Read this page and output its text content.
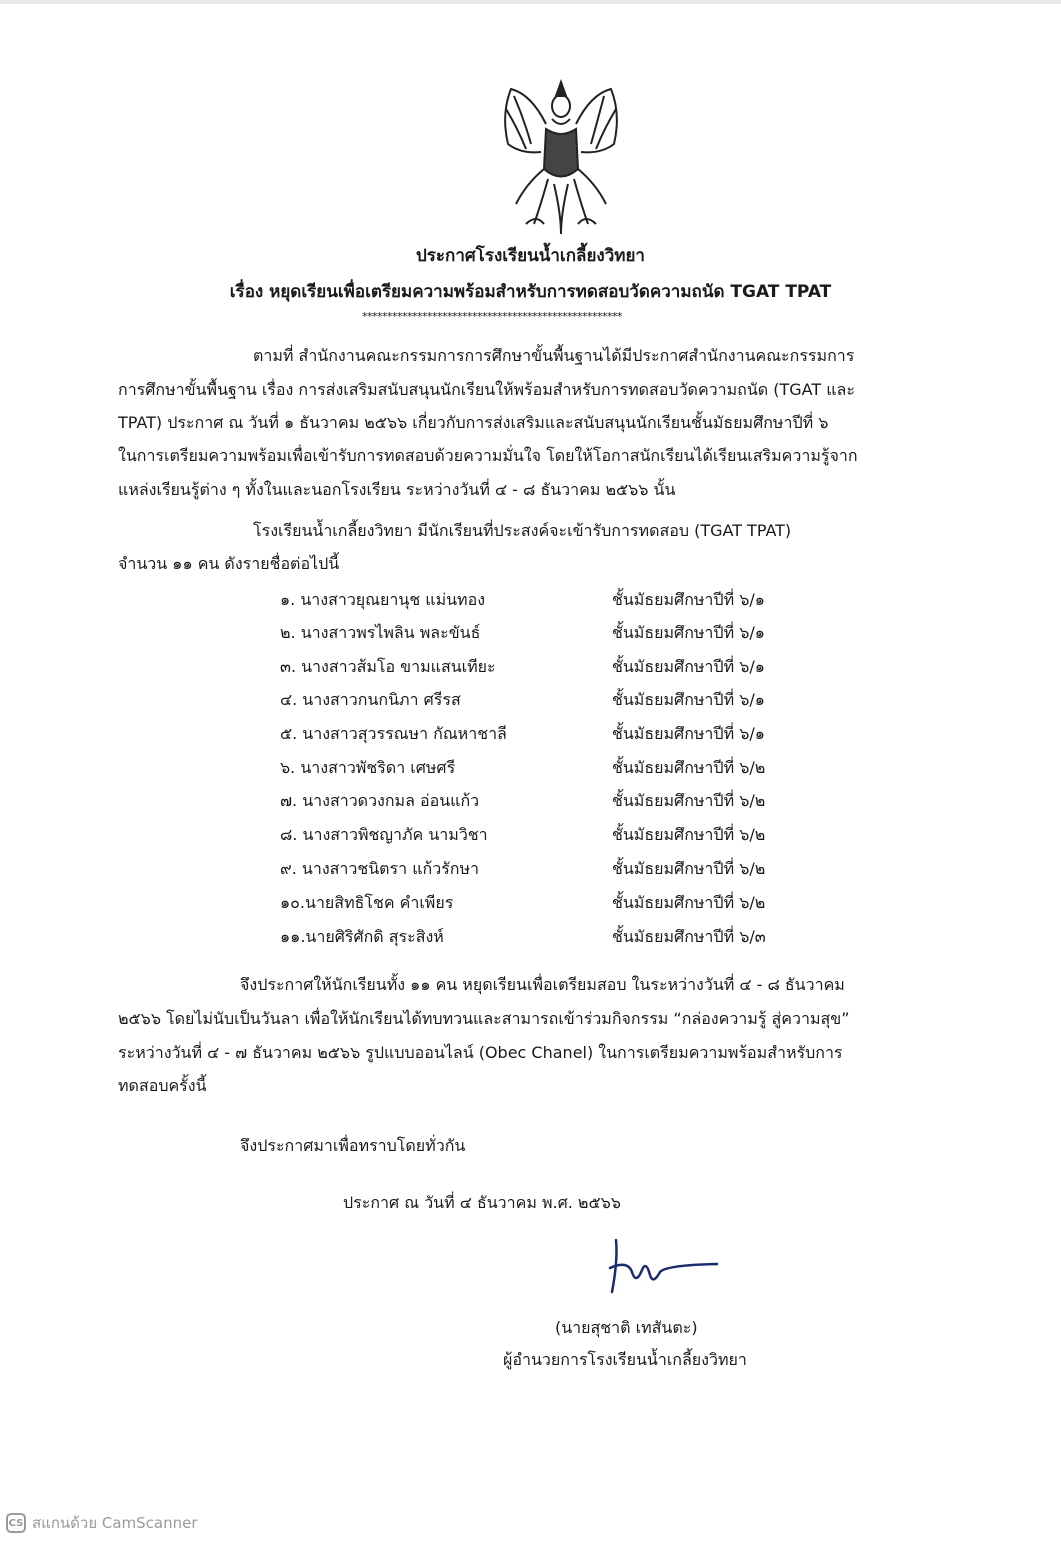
ประกาศโรงเรียนน้ำเกลี้ยงวิทยา
เรื่อง หยุดเรียนเพื่อเตรียมความพร้อมสำหรับการทดสอบวัดความถนัด TGAT TPAT
****************************************************
ตามที่ สำนักงานคณะกรรมการการศึกษาขั้นพื้นฐานได้มีประกาศสำนักงานคณะกรรมการ
การศึกษาขั้นพื้นฐาน เรื่อง การส่งเสริมสนับสนุนนักเรียนให้พร้อมสำหรับการทดสอบวัดความถนัด (TGAT และ
TPAT) ประกาศ ณ วันที่ ๑ ธันวาคม ๒๕๖๖ เกี่ยวกับการส่งเสริมและสนับสนุนนักเรียนชั้นมัธยมศึกษาปีที่ ๖
ในการเตรียมความพร้อมเพื่อเข้ารับการทดสอบด้วยความมั่นใจ โดยให้โอกาสนักเรียนได้เรียนเสริมความรู้จาก
แหล่งเรียนรู้ต่าง ๆ ทั้งในและนอกโรงเรียน ระหว่างวันที่ ๔ - ๘ ธันวาคม ๒๕๖๖ นั้น
โรงเรียนน้ำเกลี้ยงวิทยา มีนักเรียนที่ประสงค์จะเข้ารับการทดสอบ (TGAT TPAT)
จำนวน ๑๑ คน ดังรายชื่อต่อไปนี้
๑. นางสาวยุณยานุช แม่นทอง	ชั้นมัธยมศึกษาปีที่ ๖/๑
๒. นางสาวพรไพลิน พละขันธ์	ชั้นมัธยมศึกษาปีที่ ๖/๑
๓. นางสาวส้มโอ ขามแสนเทียะ	ชั้นมัธยมศึกษาปีที่ ๖/๑
๔. นางสาวกนกนิภา ศรีรส	ชั้นมัธยมศึกษาปีที่ ๖/๑
๕. นางสาวสุวรรณษา กัณหาชาลี	ชั้นมัธยมศึกษาปีที่ ๖/๑
๖. นางสาวพัชริดา เศษศรี	ชั้นมัธยมศึกษาปีที่ ๖/๒
๗. นางสาวดวงกมล อ่อนแก้ว	ชั้นมัธยมศึกษาปีที่ ๖/๒
๘. นางสาวพิชญาภัค นามวิชา	ชั้นมัธยมศึกษาปีที่ ๖/๒
๙. นางสาวชนิตรา แก้วรักษา	ชั้นมัธยมศึกษาปีที่ ๖/๒
๑๐.นายสิทธิโชค คำเพียร	ชั้นมัธยมศึกษาปีที่ ๖/๒
๑๑.นายศิริศักดิ สุระสิงห์	ชั้นมัธยมศึกษาปีที่ ๖/๓
จึงประกาศให้นักเรียนทั้ง ๑๑ คน หยุดเรียนเพื่อเตรียมสอบ ในระหว่างวันที่ ๔ - ๘ ธันวาคม
๒๕๖๖ โดยไม่นับเป็นวันลา เพื่อให้นักเรียนได้ทบทวนและสามารถเข้าร่วมกิจกรรม “กล่องความรู้ สู่ความสุข”
ระหว่างวันที่ ๔ - ๗ ธันวาคม ๒๕๖๖ รูปแบบออนไลน์ (Obec Chanel) ในการเตรียมความพร้อมสำหรับการ
ทดสอบครั้งนี้
จึงประกาศมาเพื่อทราบโดยทั่วกัน
ประกาศ ณ วันที่ ๔ ธันวาคม พ.ศ. ๒๕๖๖
(นายสุชาติ เทสันตะ)
ผู้อำนวยการโรงเรียนน้ำเกลี้ยงวิทยา
CS สแกนด้วย CamScanner
